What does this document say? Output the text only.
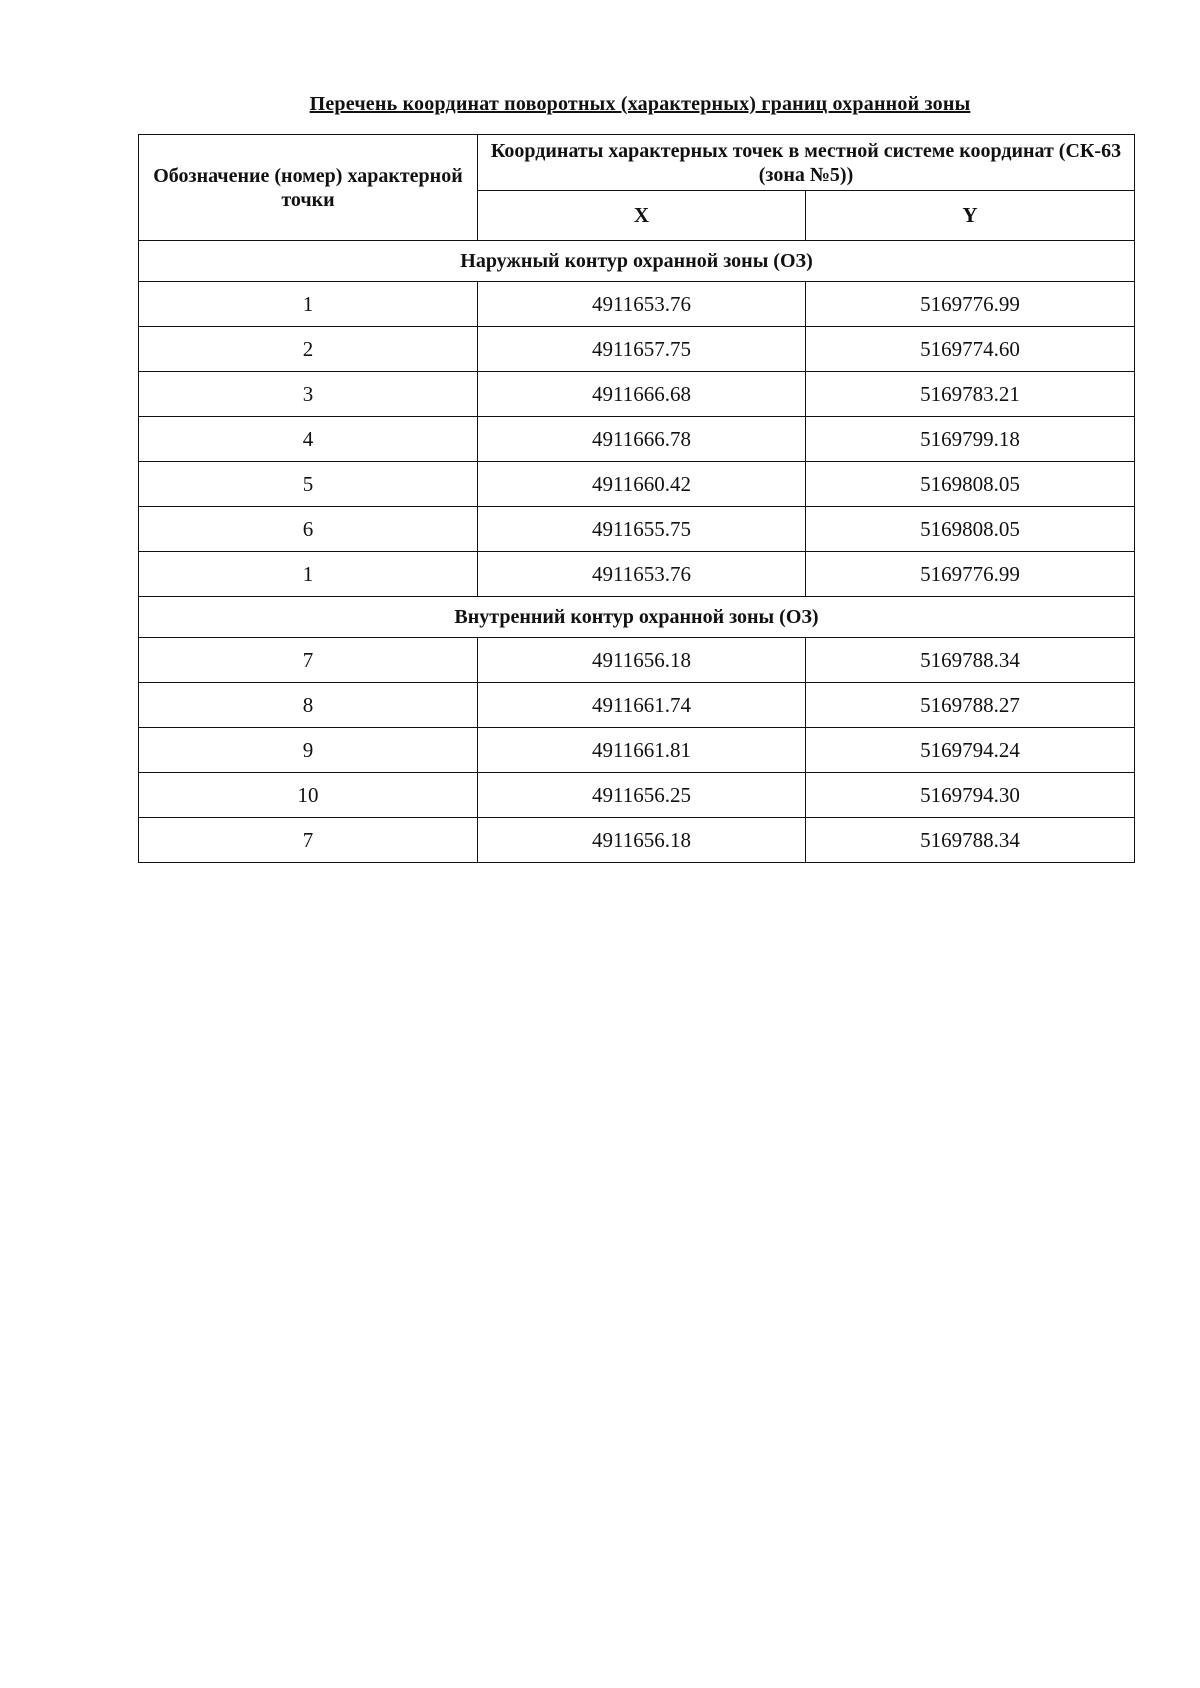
Перечень координат поворотных (характерных) границ охранной зоны
Обозначение (номер) характерной точки	Координаты характерных точек в местной системе координат (СК-63 (зона №5))	
	X	Y
Наружный контур охранной зоны (ОЗ)		
1	4911653.76	5169776.99
2	4911657.75	5169774.60
3	4911666.68	5169783.21
4	4911666.78	5169799.18
5	4911660.42	5169808.05
6	4911655.75	5169808.05
1	4911653.76	5169776.99
Внутренний контур охранной зоны (ОЗ)		
7	4911656.18	5169788.34
8	4911661.74	5169788.27
9	4911661.81	5169794.24
10	4911656.25	5169794.30
7	4911656.18	5169788.34
